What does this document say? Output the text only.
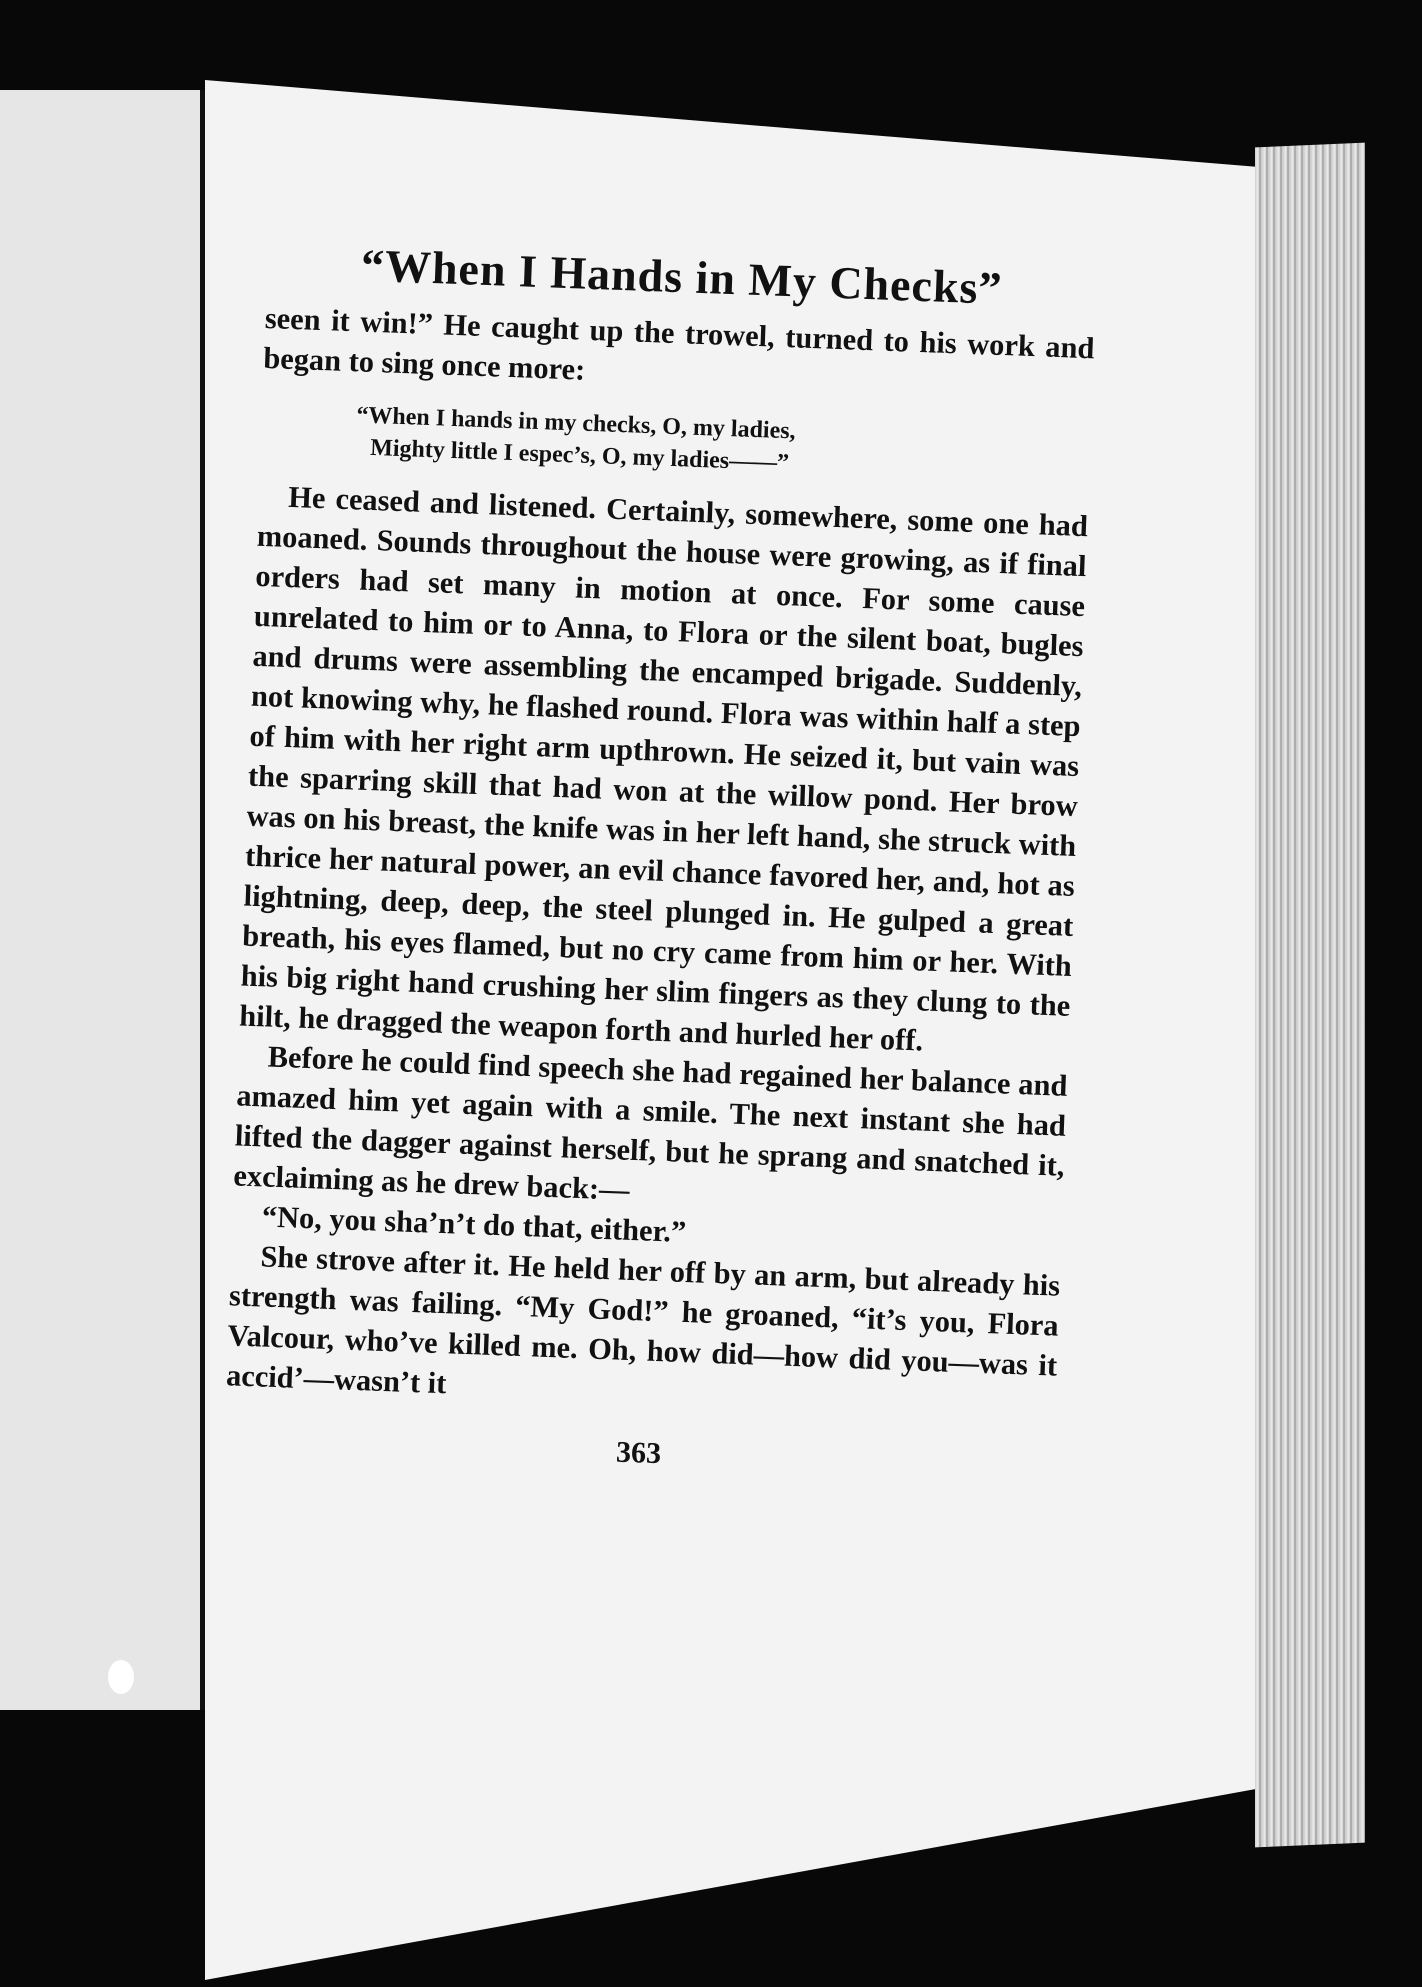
“When I Hands in My Checks”

seen it win!” He caught up the trowel, turned to his work and began to sing once more:

“When I hands in my checks, O, my ladies,
Mighty little I espec’s, O, my ladies——”

He ceased and listened. Certainly, somewhere, some one had moaned. Sounds throughout the house were growing, as if final orders had set many in motion at once. For some cause unrelated to him or to Anna, to Flora or the silent boat, bugles and drums were assembling the encamped brigade. Suddenly, not knowing why, he flashed round. Flora was within half a step of him with her right arm upthrown. He seized it, but vain was the sparring skill that had won at the willow pond. Her brow was on his breast, the knife was in her left hand, she struck with thrice her natural power, an evil chance favored her, and, hot as lightning, deep, deep, the steel plunged in. He gulped a great breath, his eyes flamed, but no cry came from him or her. With his big right hand crushing her slim fingers as they clung to the hilt, he dragged the weapon forth and hurled her off.

Before he could find speech she had regained her balance and amazed him yet again with a smile. The next instant she had lifted the dagger against herself, but he sprang and snatched it, exclaiming as he drew back:—

“No, you sha’n’t do that, either.”

She strove after it. He held her off by an arm, but already his strength was failing. “My God!” he groaned, “it’s you, Flora Valcour, who’ve killed me. Oh, how did—how did you—was it accid’—wasn’t it

363
